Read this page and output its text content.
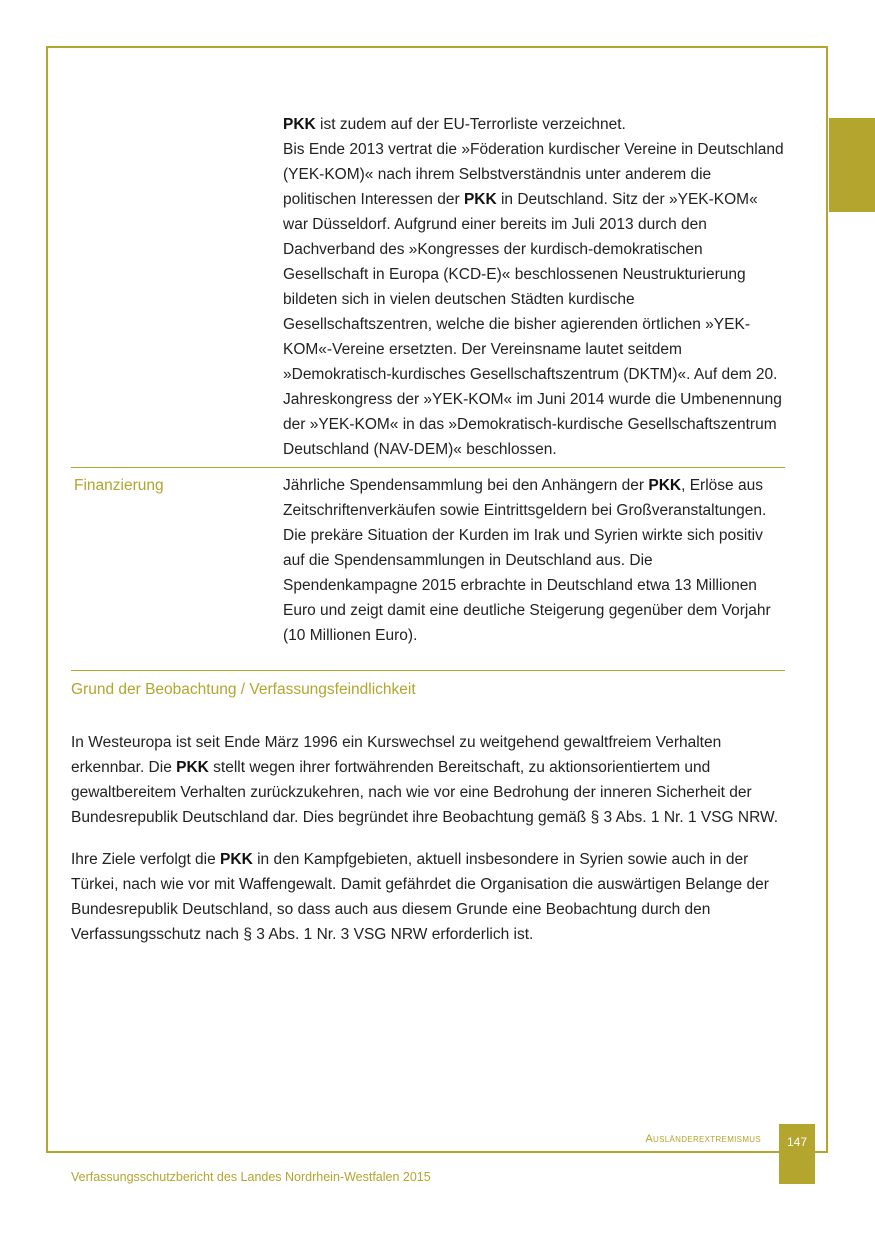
PKK ist zudem auf der EU-Terrorliste verzeichnet.

Bis Ende 2013 vertrat die »Föderation kurdischer Vereine in Deutschland (YEK-KOM)« nach ihrem Selbstverständnis unter anderem die politischen Interessen der PKK in Deutschland. Sitz der »YEK-KOM« war Düsseldorf. Aufgrund einer bereits im Juli 2013 durch den Dachverband des »Kongresses der kurdisch-demokratischen Gesellschaft in Europa (KCD-E)« beschlossenen Neustrukturierung bildeten sich in vielen deutschen Städten kurdische Gesellschaftszentren, welche die bisher agierenden örtlichen »YEK-KOM«-Vereine ersetzten. Der Vereinsname lautet seitdem »Demokratisch-kurdisches Gesellschaftszentrum (DKTM)«. Auf dem 20. Jahreskongress der »YEK-KOM« im Juni 2014 wurde die Umbenennung der »YEK-KOM« in das »Demokratisch-kurdische Gesellschaftszentrum Deutschland (NAV-DEM)« beschlossen.

Finanzierung	Jährliche Spendensammlung bei den Anhängern der PKK, Erlöse aus Zeitschriftenverkäufen sowie Eintrittsgeldern bei Großveranstaltungen.

Die prekäre Situation der Kurden im Irak und Syrien wirkte sich positiv auf die Spendensammlungen in Deutschland aus. Die Spendenkampagne 2015 erbrachte in Deutschland etwa 13 Millionen Euro und zeigt damit eine deutliche Steigerung gegenüber dem Vorjahr (10 Millionen Euro).

Grund der Beobachtung / Verfassungsfeindlichkeit

In Westeuropa ist seit Ende März 1996 ein Kurswechsel zu weitgehend gewaltfreiem Verhalten erkennbar. Die PKK stellt wegen ihrer fortwährenden Bereitschaft, zu aktionsorientiertem und gewaltbereitem Verhalten zurückzukehren, nach wie vor eine Bedrohung der inneren Sicherheit der Bundesrepublik Deutschland dar. Dies begründet ihre Beobachtung gemäß § 3 Abs. 1 Nr. 1 VSG NRW.

Ihre Ziele verfolgt die PKK in den Kampfgebieten, aktuell insbesondere in Syrien sowie auch in der Türkei, nach wie vor mit Waffengewalt. Damit gefährdet die Organisation die auswärtigen Belange der Bundesrepublik Deutschland, so dass auch aus diesem Grunde eine Beobachtung durch den Verfassungsschutz nach § 3 Abs. 1 Nr. 3 VSG NRW erforderlich ist.

Ausländerextremismus	147
Verfassungsschutzbericht des Landes Nordrhein-Westfalen 2015
